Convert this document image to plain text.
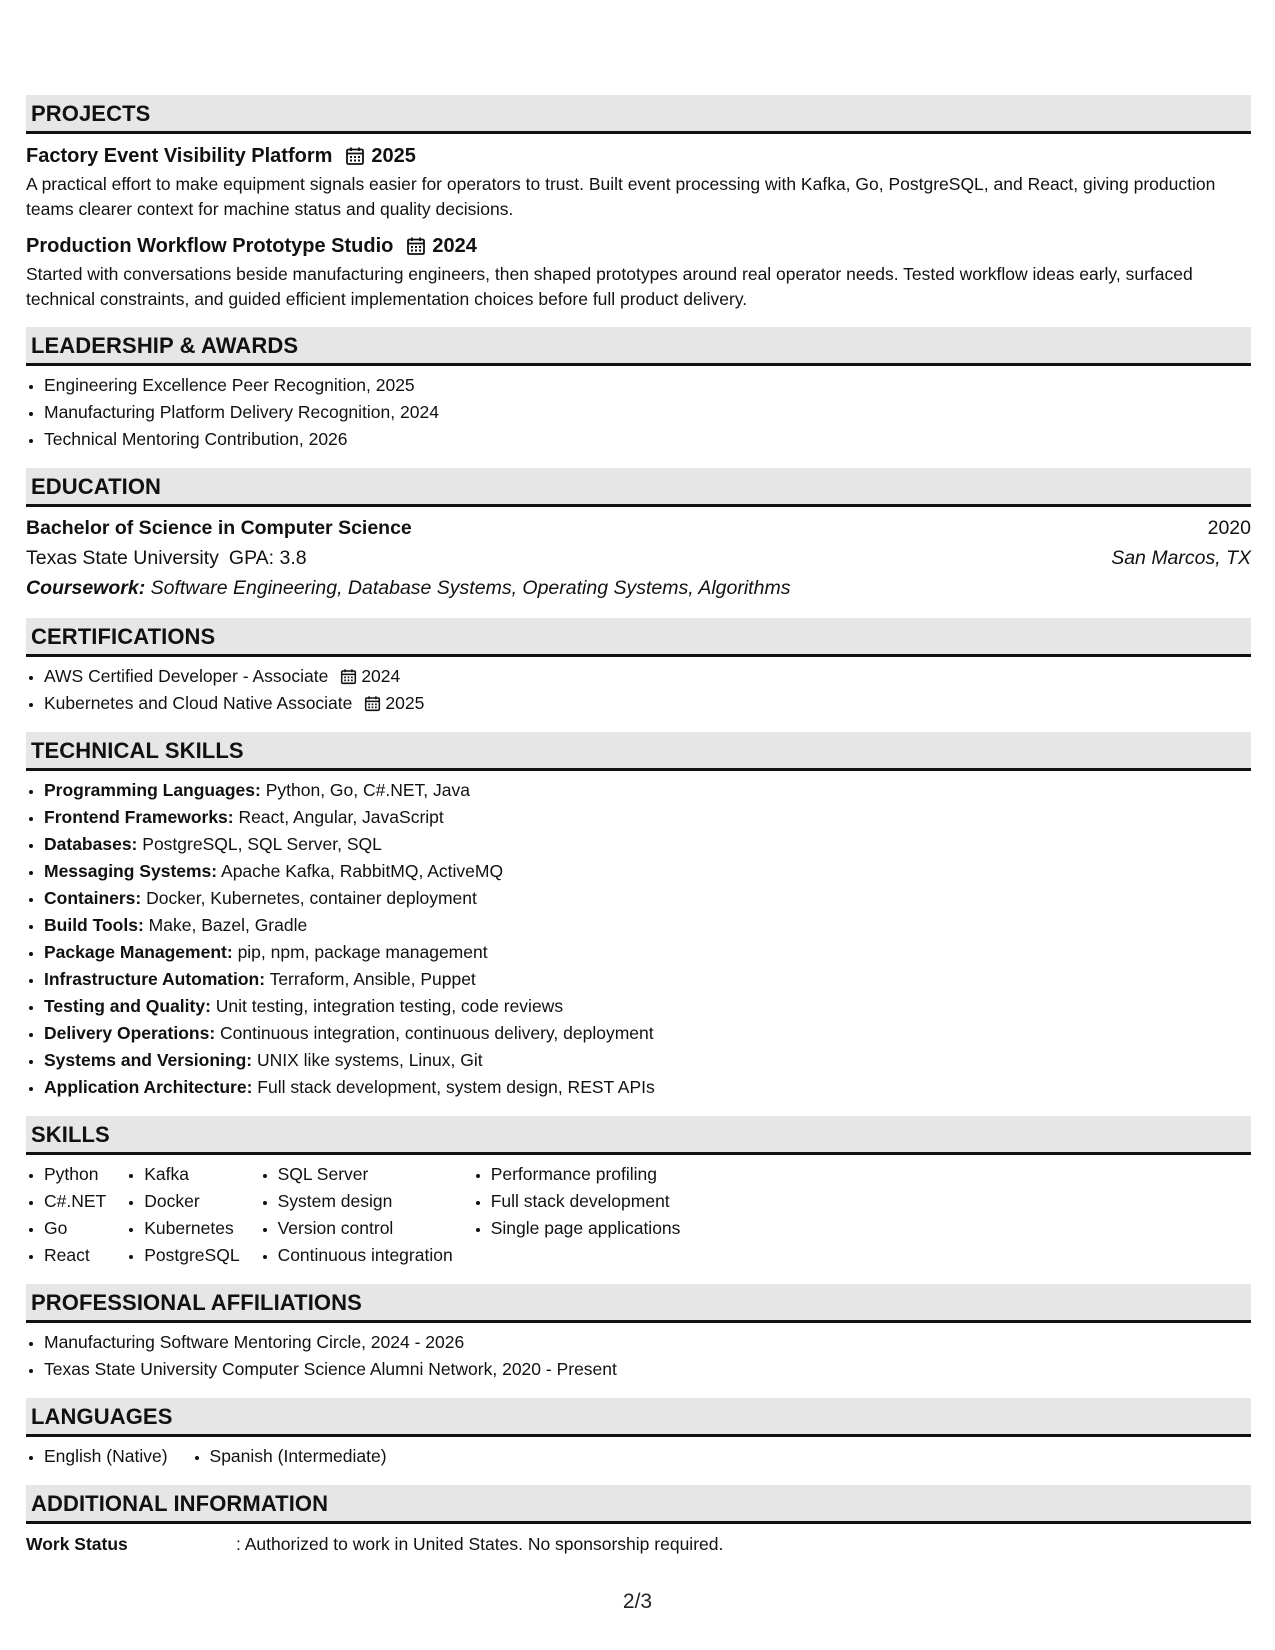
PROJECTS
Factory Event Visibility Platform 2025
A practical effort to make equipment signals easier for operators to trust. Built event processing with Kafka, Go, PostgreSQL, and React, giving production teams clearer context for machine status and quality decisions.
Production Workflow Prototype Studio 2024
Started with conversations beside manufacturing engineers, then shaped prototypes around real operator needs. Tested workflow ideas early, surfaced technical constraints, and guided efficient implementation choices before full product delivery.
LEADERSHIP & AWARDS
• Engineering Excellence Peer Recognition, 2025
• Manufacturing Platform Delivery Recognition, 2024
• Technical Mentoring Contribution, 2026
EDUCATION
Bachelor of Science in Computer Science	2020
Texas State University GPA: 3.8	San Marcos, TX
Coursework: Software Engineering, Database Systems, Operating Systems, Algorithms
CERTIFICATIONS
• AWS Certified Developer - Associate 2024
• Kubernetes and Cloud Native Associate 2025
TECHNICAL SKILLS
• Programming Languages: Python, Go, C#.NET, Java
• Frontend Frameworks: React, Angular, JavaScript
• Databases: PostgreSQL, SQL Server, SQL
• Messaging Systems: Apache Kafka, RabbitMQ, ActiveMQ
• Containers: Docker, Kubernetes, container deployment
• Build Tools: Make, Bazel, Gradle
• Package Management: pip, npm, package management
• Infrastructure Automation: Terraform, Ansible, Puppet
• Testing and Quality: Unit testing, integration testing, code reviews
• Delivery Operations: Continuous integration, continuous delivery, deployment
• Systems and Versioning: UNIX like systems, Linux, Git
• Application Architecture: Full stack development, system design, REST APIs
SKILLS
• Python
• C#.NET
• Go
• React
• Kafka
• Docker
• Kubernetes
• PostgreSQL
• SQL Server
• System design
• Version control
• Continuous integration
• Performance profiling
• Full stack development
• Single page applications
PROFESSIONAL AFFILIATIONS
• Manufacturing Software Mentoring Circle, 2024 - 2026
• Texas State University Computer Science Alumni Network, 2020 - Present
LANGUAGES
• English (Native)
• Spanish (Intermediate)
ADDITIONAL INFORMATION
Work Status	: Authorized to work in United States. No sponsorship required.
2/3
